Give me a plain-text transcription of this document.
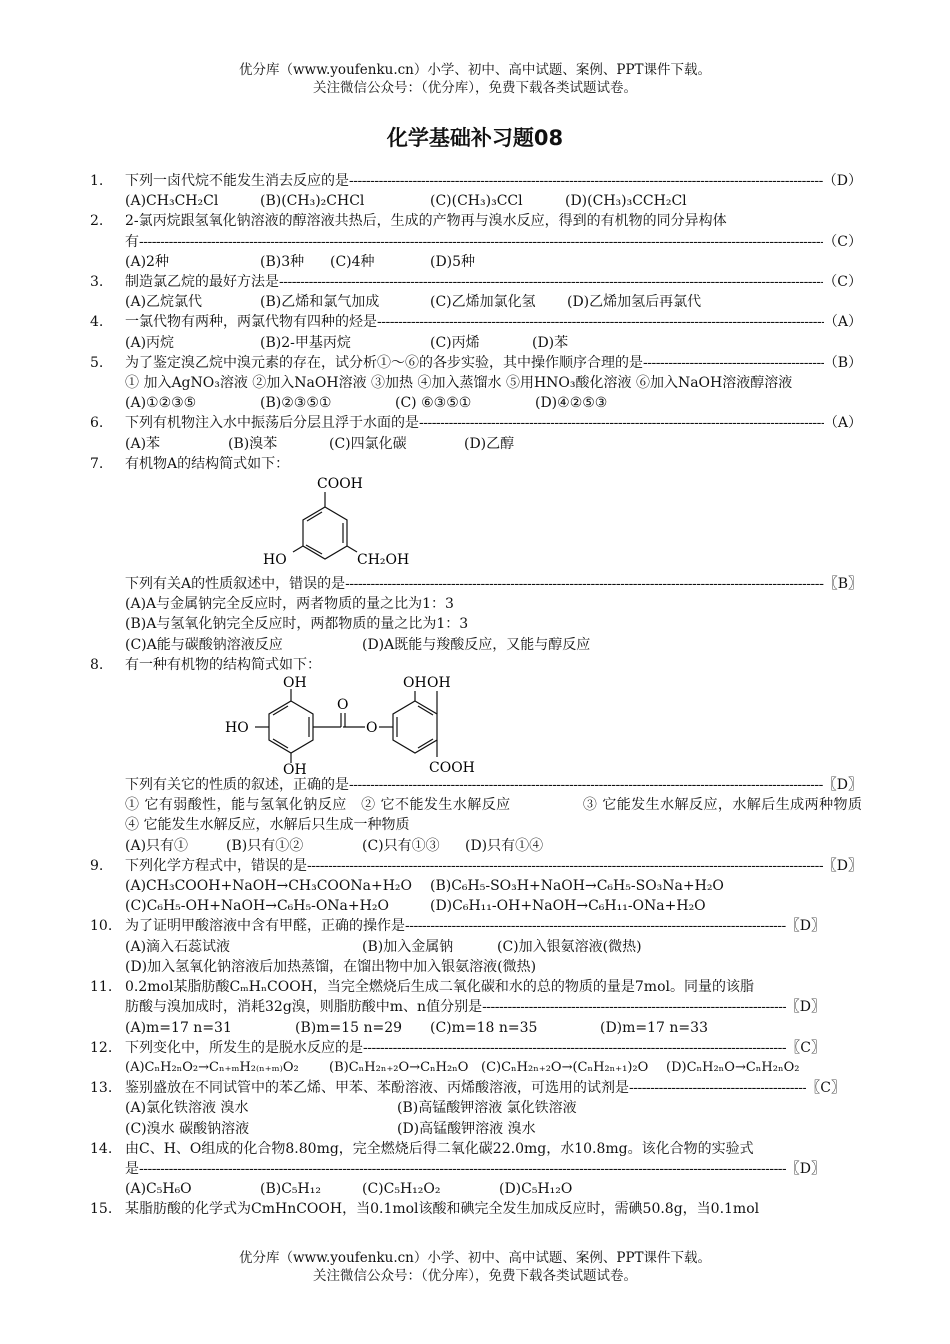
优分库（www.youfenku.cn）小学、初中、高中试题、案例、PPT课件下载。
关注微信公众号：（优分库），免费下载各类试题试卷。
化学基础补习题08
1.	下列一卤代烷不能发生消去反应的是 -----	（D）
(A)CH₃CH₂Cl	(B)(CH₃)₂CHCl	(C)(CH₃)₃CCl	(D)(CH₃)₃CCH₂Cl
2.	2-氯丙烷跟氢氧化钠溶液的醇溶液共热后，生成的产物再与溴水反应，得到的有机物的同分异构体
有 -----	（C）
(A)2种	(B)3种 (C)4种	(D)5种
3.	制造氯乙烷的最好方法是 -----	（C）
(A)乙烷氯代	(B)乙烯和氯气加成	(C)乙烯加氯化氢 (D)乙烯加氢后再氯代
4.	一氯代物有两种，两氯代物有四种的烃是 -----	（A）
(A)丙烷	(B)2-甲基丙烷	(C)丙烯	(D)苯
5.	为了鉴定溴乙烷中溴元素的存在，试分析①～⑥的各步实验，其中操作顺序合理的是 -----	（B）
① 加入AgNO₃溶液 ②加入NaOH溶液 ③加热 ④加入蒸馏水 ⑤用HNO₃酸化溶液 ⑥加入NaOH溶液醇溶液
(A)①②③⑤	(B)②③⑤①	(C) ⑥③⑤①	(D)④②⑤③
6.	下列有机物注入水中振荡后分层且浮于水面的是 -----	（A）
(A)苯	(B)溴苯	(C)四氯化碳	(D)乙醇
7.	有机物A的结构简式如下：
COOH
HO	CH₂OH
下列有关A的性质叙述中，错误的是 -----	〖B〗
(A)A与金属钠完全反应时，两者物质的量之比为1：3
(B)A与氢氧化钠完全反应时，两都物质的量之比为1：3
(C)A能与碳酸钠溶液反应	(D)A既能与羧酸反应，又能与醇反应
8.	有一种有机物的结构简式如下：
OH
HO
OH
O
O
OH OH
COOH
下列有关它的性质的叙述，正确的是 -----	〖D〗
① 它有弱酸性，能与氢氧化钠反应　② 它不能发生水解反应　　　　　③ 它能发生水解反应，水解后生成两种物质　　④ 它能发生水解反应，水解后只生成一种物质
(A)只有①	(B)只有①②	(C)只有①③ (D)只有①④
9.	下列化学方程式中，错误的是 -----	〖D〗
(A)CH₃COOH+NaOH→CH₃COONa+H₂O (B)C₆H₅-SO₃H+NaOH→C₆H₅-SO₃Na+H₂O
(C)C₆H₅-OH+NaOH→C₆H₅-ONa+H₂O	(D)C₆H₁₁-OH+NaOH→C₆H₁₁-ONa+H₂O
10. 为了证明甲酸溶液中含有甲醛，正确的操作是 -----	〖D〗
(A)滴入石蕊试液	(B)加入金属钠	(C)加入银氨溶液(微热)
(D)加入氢氧化钠溶液后加热蒸馏，在馏出物中加入银氨溶液(微热)
11. 0.2mol某脂肪酸CₘHₙCOOH，当完全燃烧后生成二氧化碳和水的总的物质的量是7mol。同量的该脂
肪酸与溴加成时，消耗32g溴，则脂肪酸中m、n值分别是 -----	〖D〗
(A)m=17 n=31	(B)m=15 n=29 (C)m=18 n=35	(D)m=17 n=33
12. 下列变化中，所发生的是脱水反应的是 -----	〖C〗
(A)CₙH₂ₙO₂→Cₙ₊ₘH₂₍ₙ₊ₘ₎O₂ (B)CₙH₂ₙ₊₂O→CₙH₂ₙO (C)CₙH₂ₙ₊₂O→(CₙH₂ₙ₊₁)₂O (D)CₙH₂ₙO→CₙH₂ₙO₂
13. 鉴别盛放在不同试管中的苯乙烯、甲苯、苯酚溶液、丙烯酸溶液，可选用的试剂是 -----	〖C〗
(A)氯化铁溶液 溴水	(B)高锰酸钾溶液 氯化铁溶液
(C)溴水 碳酸钠溶液	(D)高锰酸钾溶液 溴水
14. 由C、H、O组成的化合物8.80mg，完全燃烧后得二氧化碳22.0mg，水10.8mg。该化合物的实验式
是 -----	〖D〗
(A)C₅H₆O	(B)C₅H₁₂	(C)C₅H₁₂O₂	(D)C₅H₁₂O
15. 某脂肪酸的化学式为CmHnCOOH，当0.1mol该酸和碘完全发生加成反应时，需碘50.8g，当0.1mol
优分库（www.youfenku.cn）小学、初中、高中试题、案例、PPT课件下载。
关注微信公众号：（优分库），免费下载各类试题试卷。
